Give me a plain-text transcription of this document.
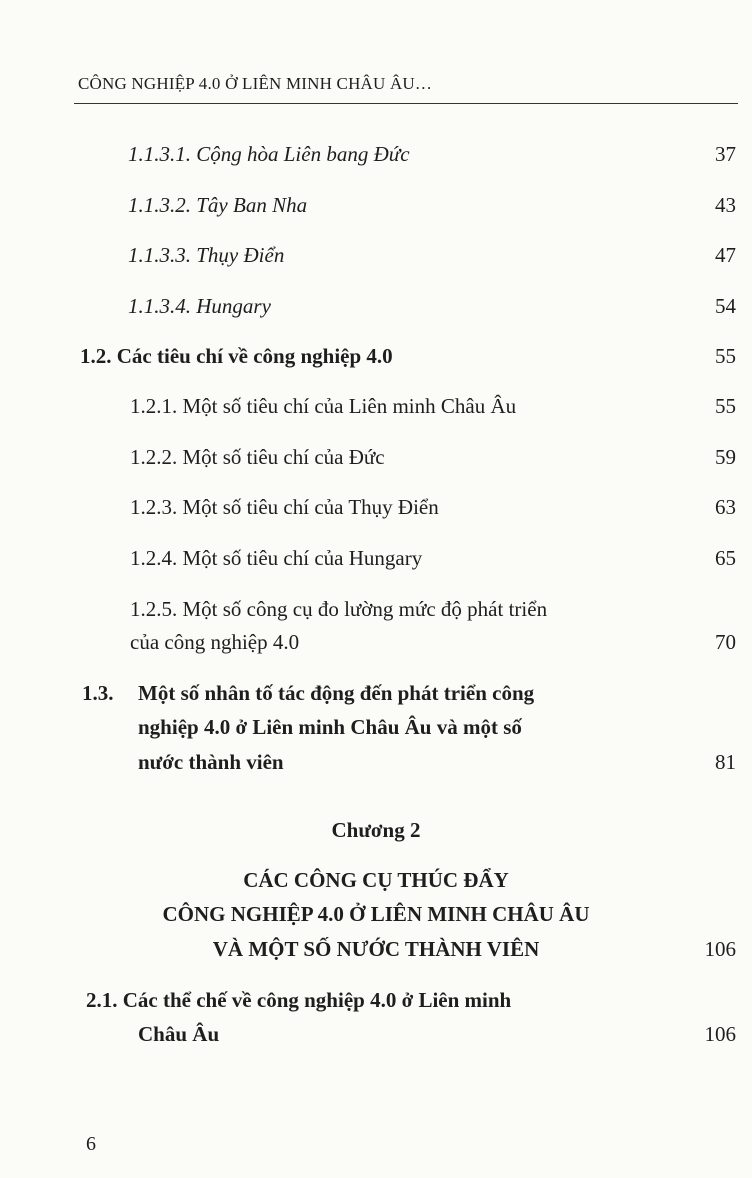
CÔNG NGHIỆP 4.0 Ở LIÊN MINH CHÂU ÂU…
1.1.3.1. Cộng hòa Liên bang Đức	37
1.1.3.2. Tây Ban Nha	43
1.1.3.3. Thụy Điển	47
1.1.3.4. Hungary	54
1.2. Các tiêu chí về công nghiệp 4.0	55
1.2.1. Một số tiêu chí của Liên minh Châu Âu	55
1.2.2. Một số tiêu chí của Đức	59
1.2.3. Một số tiêu chí của Thụy Điển	63
1.2.4. Một số tiêu chí của Hungary	65
1.2.5. Một số công cụ đo lường mức độ phát triển
của công nghiệp 4.0	70
1.3. Một số nhân tố tác động đến phát triển công
nghiệp 4.0 ở Liên minh Châu Âu và một số
nước thành viên	81
Chương 2
CÁC CÔNG CỤ THÚC ĐẨY
CÔNG NGHIỆP 4.0 Ở LIÊN MINH CHÂU ÂU
VÀ MỘT SỐ NƯỚC THÀNH VIÊN	106
2.1. Các thể chế về công nghiệp 4.0 ở Liên minh
Châu Âu	106
6
